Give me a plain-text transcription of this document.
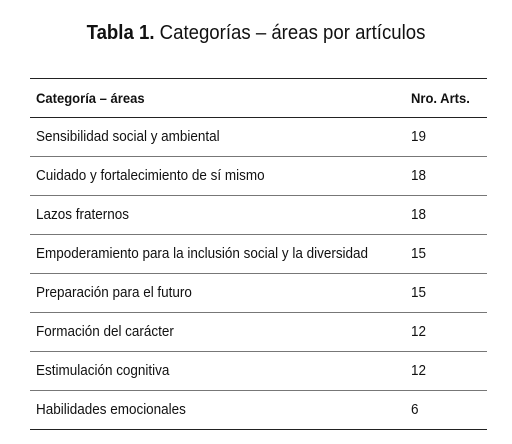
Tabla 1. Categorías – áreas por artículos
Categoría – áreas	Nro. Arts.
Sensibilidad social y ambiental	19
Cuidado y fortalecimiento de sí mismo	18
Lazos fraternos	18
Empoderamiento para la inclusión social y la diversidad	15
Preparación para el futuro	15
Formación del carácter	12
Estimulación cognitiva	12
Habilidades emocionales	6
